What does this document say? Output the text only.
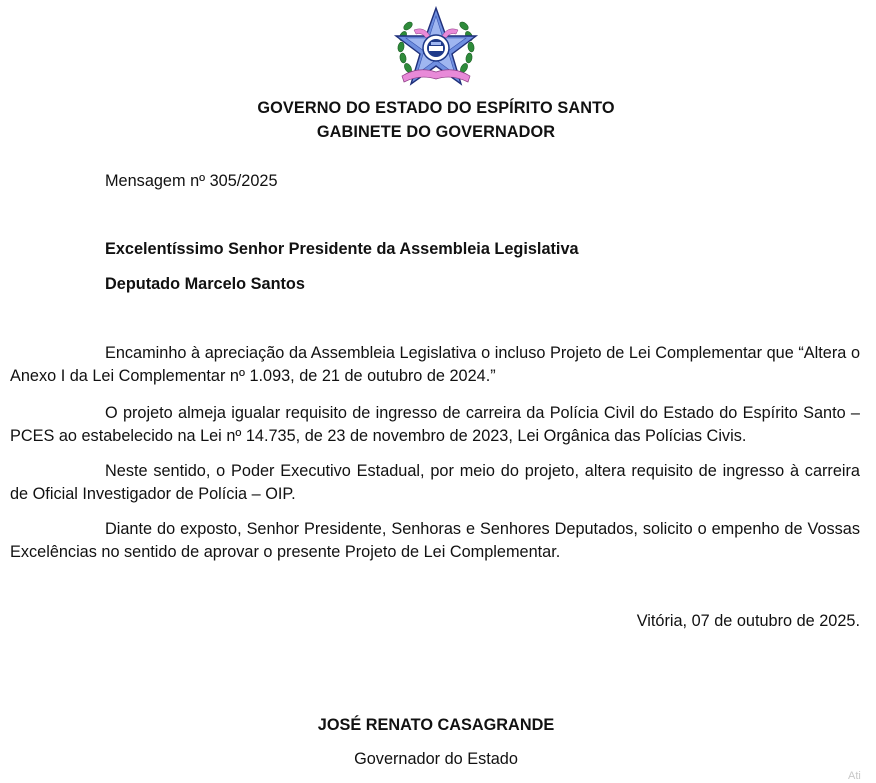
GOVERNO DO ESTADO DO ESPÍRITO SANTO
GABINETE DO GOVERNADOR
Mensagem nº 305/2025
Excelentíssimo Senhor Presidente da Assembleia Legislativa
Deputado Marcelo Santos

Encaminho à apreciação da Assembleia Legislativa o incluso Projeto de Lei Complementar que “Altera o Anexo I da Lei Complementar nº 1.093, de 21 de outubro de 2024.”

O projeto almeja igualar requisito de ingresso de carreira da Polícia Civil do Estado do Espírito Santo – PCES ao estabelecido na Lei nº 14.735, de 23 de novembro de 2023, Lei Orgânica das Polícias Civis.

Neste sentido, o Poder Executivo Estadual, por meio do projeto, altera requisito de ingresso à carreira de Oficial Investigador de Polícia – OIP.

Diante do exposto, Senhor Presidente, Senhoras e Senhores Deputados, solicito o empenho de Vossas Excelências no sentido de aprovar o presente Projeto de Lei Complementar.

Vitória, 07 de outubro de 2025.
JOSÉ RENATO CASAGRANDE
Governador do Estado
Ati
